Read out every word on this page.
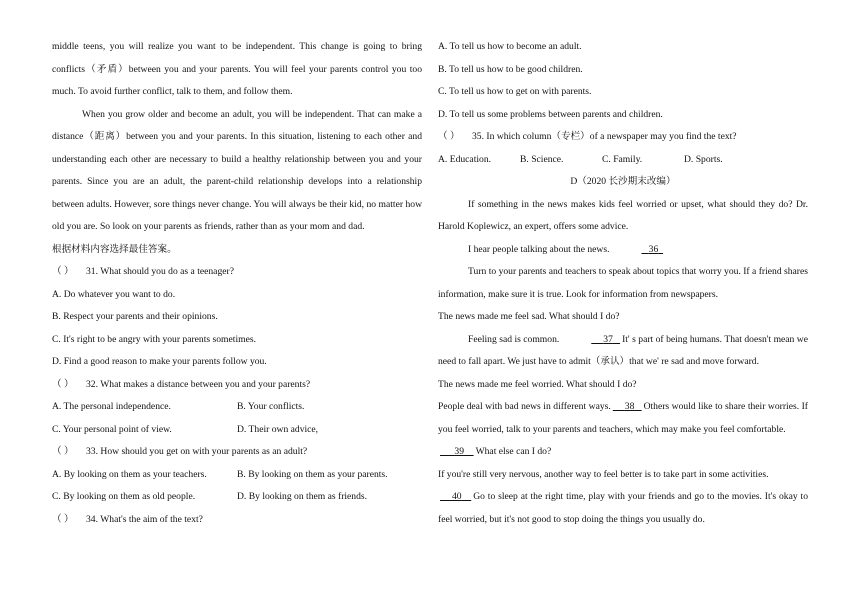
middle teens, you will realize you want to be independent. This change is going to bring conflicts（矛盾）between you and your parents. You will feel your parents control you too much. To avoid further conflict, talk to them, and follow them.
When you grow older and become an adult, you will be independent. That can make a distance（距离）between you and your parents. In this situation, listening to each other and understanding each other are necessary to build a healthy relationship between you and your parents. Since you are an adult, the parent-child relationship develops into a relationship between adults. However, sore things never change. You will always be their kid, no matter how old you are. So look on your parents as friends, rather than as your mom and dad.
根据材料内容选择最佳答案。
（ ） 31. What should you do as a teenager?
A. Do whatever you want to do.
B. Respect your parents and their opinions.
C. It's right to be angry with your parents sometimes.
D. Find a good reason to make your parents follow you.
（ ） 32. What makes a distance between you and your parents?
A. The personal independence.	B. Your conflicts.
C. Your personal point of view.	D. Their own advice,
（ ） 33. How should you get on with your parents as an adult?
A. By looking on them as your teachers.	B. By looking on them as your parents.
C. By looking on them as old people.	D. By looking on them as friends.
（ ） 34. What's the aim of the text?
A. To tell us how to become an adult.
B. To tell us how to be good children.
C. To tell us how to get on with parents.
D. To tell us some problems between parents and children.
（ ） 35. In which column（专栏）of a newspaper may you find the text?
A. Education.	B. Science.	C. Family.	D. Sports.
D（2020 长沙期末改编）
If something in the news makes kids feel worried or upset, what should they do? Dr. Harold Koplewicz, an expert, offers some advice.
I hear people talking about the news.	36
Turn to your parents and teachers to speak about topics that worry you. If a friend shares information, make sure it is true. Look for information from newspapers.
The news made me feel sad. What should I do?
Feeling sad is common.	37 It' s part of being humans. That doesn't mean we need to fall apart. We just have to admit（承认）that we' re sad and move forward.
The news made me feel worried. What should I do?
People deal with bad news in different ways. 38 Others would like to share their worries. If you feel worried, talk to your parents and teachers, which may make you feel comfortable.
39 What else can I do?
If you're still very nervous, another way to feel better is to take part in some activities.
40 Go to sleep at the right time, play with your friends and go to the movies. It's okay to feel worried, but it's not good to stop doing the things you usually do.
